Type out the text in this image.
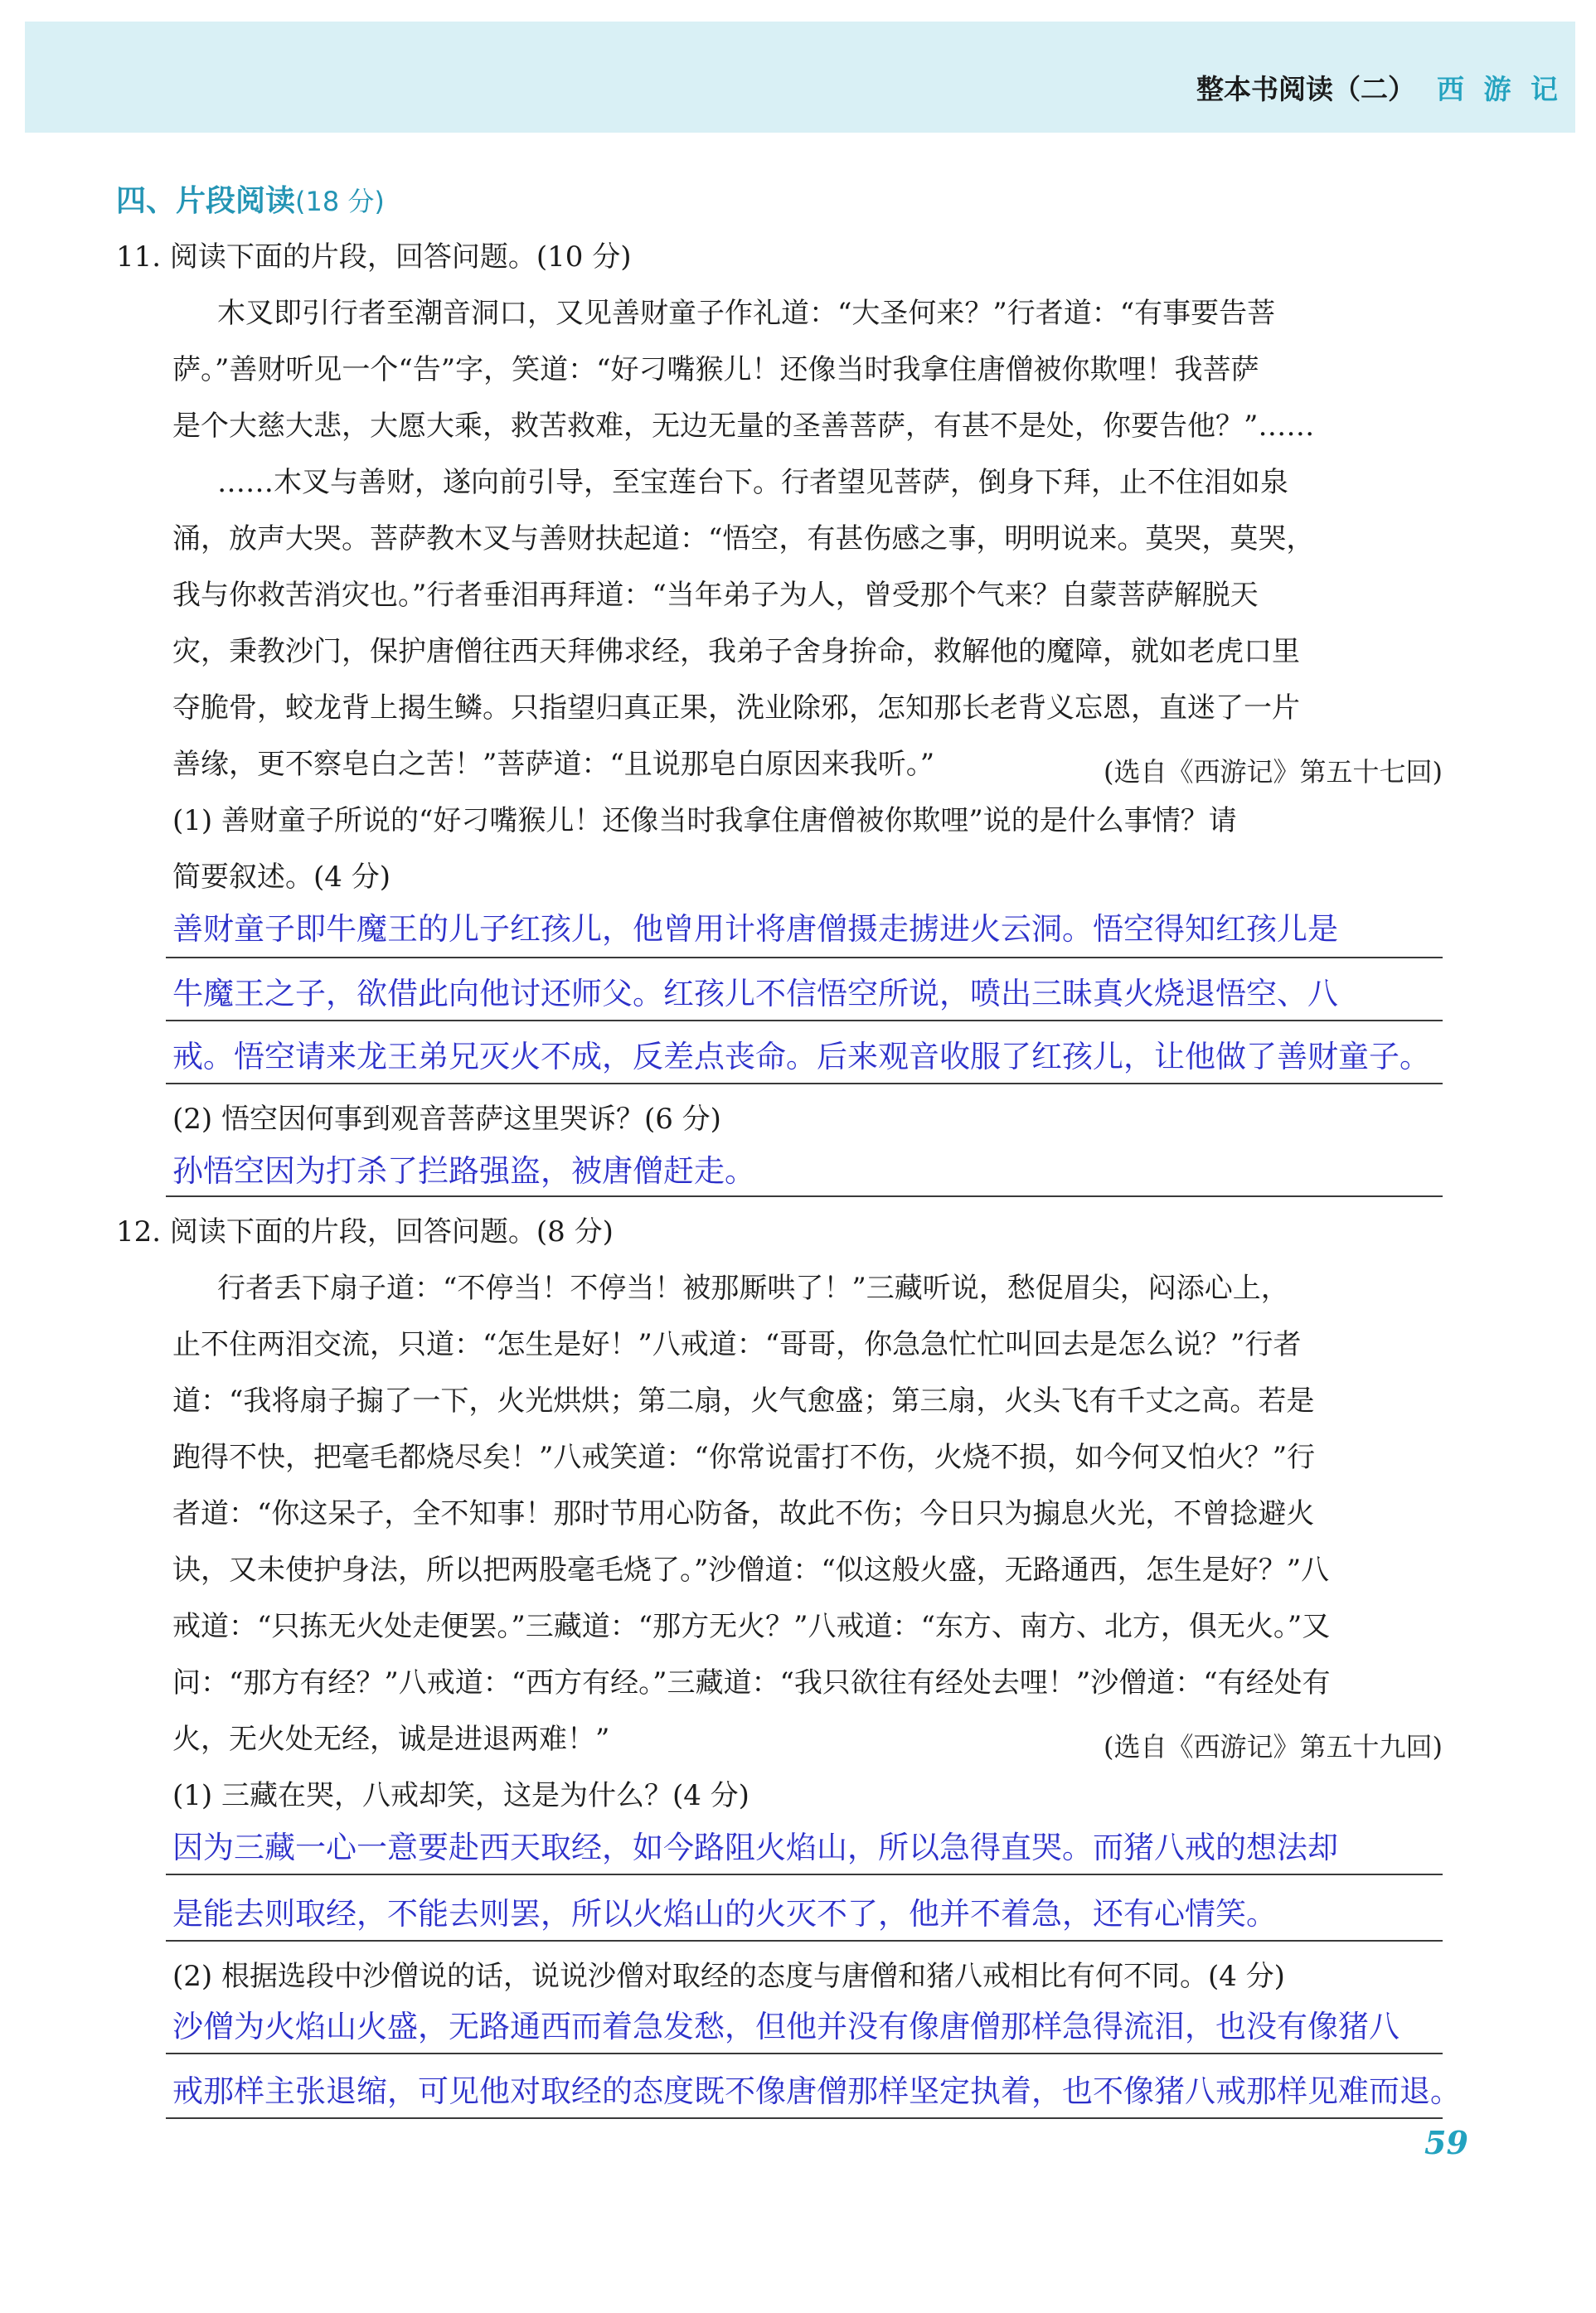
整本书阅读（二） 西 游 记
四、片段阅读(18 分)
11. 阅读下面的片段，回答问题。(10 分)
木叉即引行者至潮音洞口，又见善财童子作礼道：“大圣何来？”行者道：“有事要告菩
萨。”善财听见一个“告”字，笑道：“好刁嘴猴儿！还像当时我拿住唐僧被你欺哩！我菩萨
是个大慈大悲，大愿大乘，救苦救难，无边无量的圣善菩萨，有甚不是处，你要告他？”……
……木叉与善财，遂向前引导，至宝莲台下。行者望见菩萨，倒身下拜，止不住泪如泉
涌，放声大哭。菩萨教木叉与善财扶起道：“悟空，有甚伤感之事，明明说来。莫哭，莫哭，
我与你救苦消灾也。”行者垂泪再拜道：“当年弟子为人，曾受那个气来？自蒙菩萨解脱天
灾，秉教沙门，保护唐僧往西天拜佛求经，我弟子舍身拚命，救解他的魔障，就如老虎口里
夺脆骨，蛟龙背上揭生鳞。只指望归真正果，洗业除邪，怎知那长老背义忘恩，直迷了一片
善缘，更不察皂白之苦！”菩萨道：“且说那皂白原因来我听。”	(选自《西游记》第五十七回)
(1) 善财童子所说的“好刁嘴猴儿！还像当时我拿住唐僧被你欺哩”说的是什么事情？请
简要叙述。(4 分)
善财童子即牛魔王的儿子红孩儿，他曾用计将唐僧摄走掳进火云洞。悟空得知红孩儿是
牛魔王之子，欲借此向他讨还师父。红孩儿不信悟空所说，喷出三昧真火烧退悟空、八
戒。悟空请来龙王弟兄灭火不成，反差点丧命。后来观音收服了红孩儿，让他做了善财童子。
(2) 悟空因何事到观音菩萨这里哭诉？(6 分)
孙悟空因为打杀了拦路强盗，被唐僧赶走。
12. 阅读下面的片段，回答问题。(8 分)
行者丢下扇子道：“不停当！不停当！被那厮哄了！”三藏听说，愁促眉尖，闷添心上，
止不住两泪交流，只道：“怎生是好！”八戒道：“哥哥，你急急忙忙叫回去是怎么说？”行者
道：“我将扇子搧了一下，火光烘烘；第二扇，火气愈盛；第三扇，火头飞有千丈之高。若是
跑得不快，把毫毛都烧尽矣！”八戒笑道：“你常说雷打不伤，火烧不损，如今何又怕火？”行
者道：“你这呆子，全不知事！那时节用心防备，故此不伤；今日只为搧息火光，不曾捻避火
诀，又未使护身法，所以把两股毫毛烧了。”沙僧道：“似这般火盛，无路通西，怎生是好？”八
戒道：“只拣无火处走便罢。”三藏道：“那方无火？”八戒道：“东方、南方、北方，俱无火。”又
问：“那方有经？”八戒道：“西方有经。”三藏道：“我只欲往有经处去哩！”沙僧道：“有经处有
火，无火处无经，诚是进退两难！”	(选自《西游记》第五十九回)
(1) 三藏在哭，八戒却笑，这是为什么？(4 分)
因为三藏一心一意要赴西天取经，如今路阻火焰山，所以急得直哭。而猪八戒的想法却
是能去则取经，不能去则罢，所以火焰山的火灭不了，他并不着急，还有心情笑。
(2) 根据选段中沙僧说的话，说说沙僧对取经的态度与唐僧和猪八戒相比有何不同。(4 分)
沙僧为火焰山火盛，无路通西而着急发愁，但他并没有像唐僧那样急得流泪，也没有像猪八
戒那样主张退缩，可见他对取经的态度既不像唐僧那样坚定执着，也不像猪八戒那样见难而退。
59
